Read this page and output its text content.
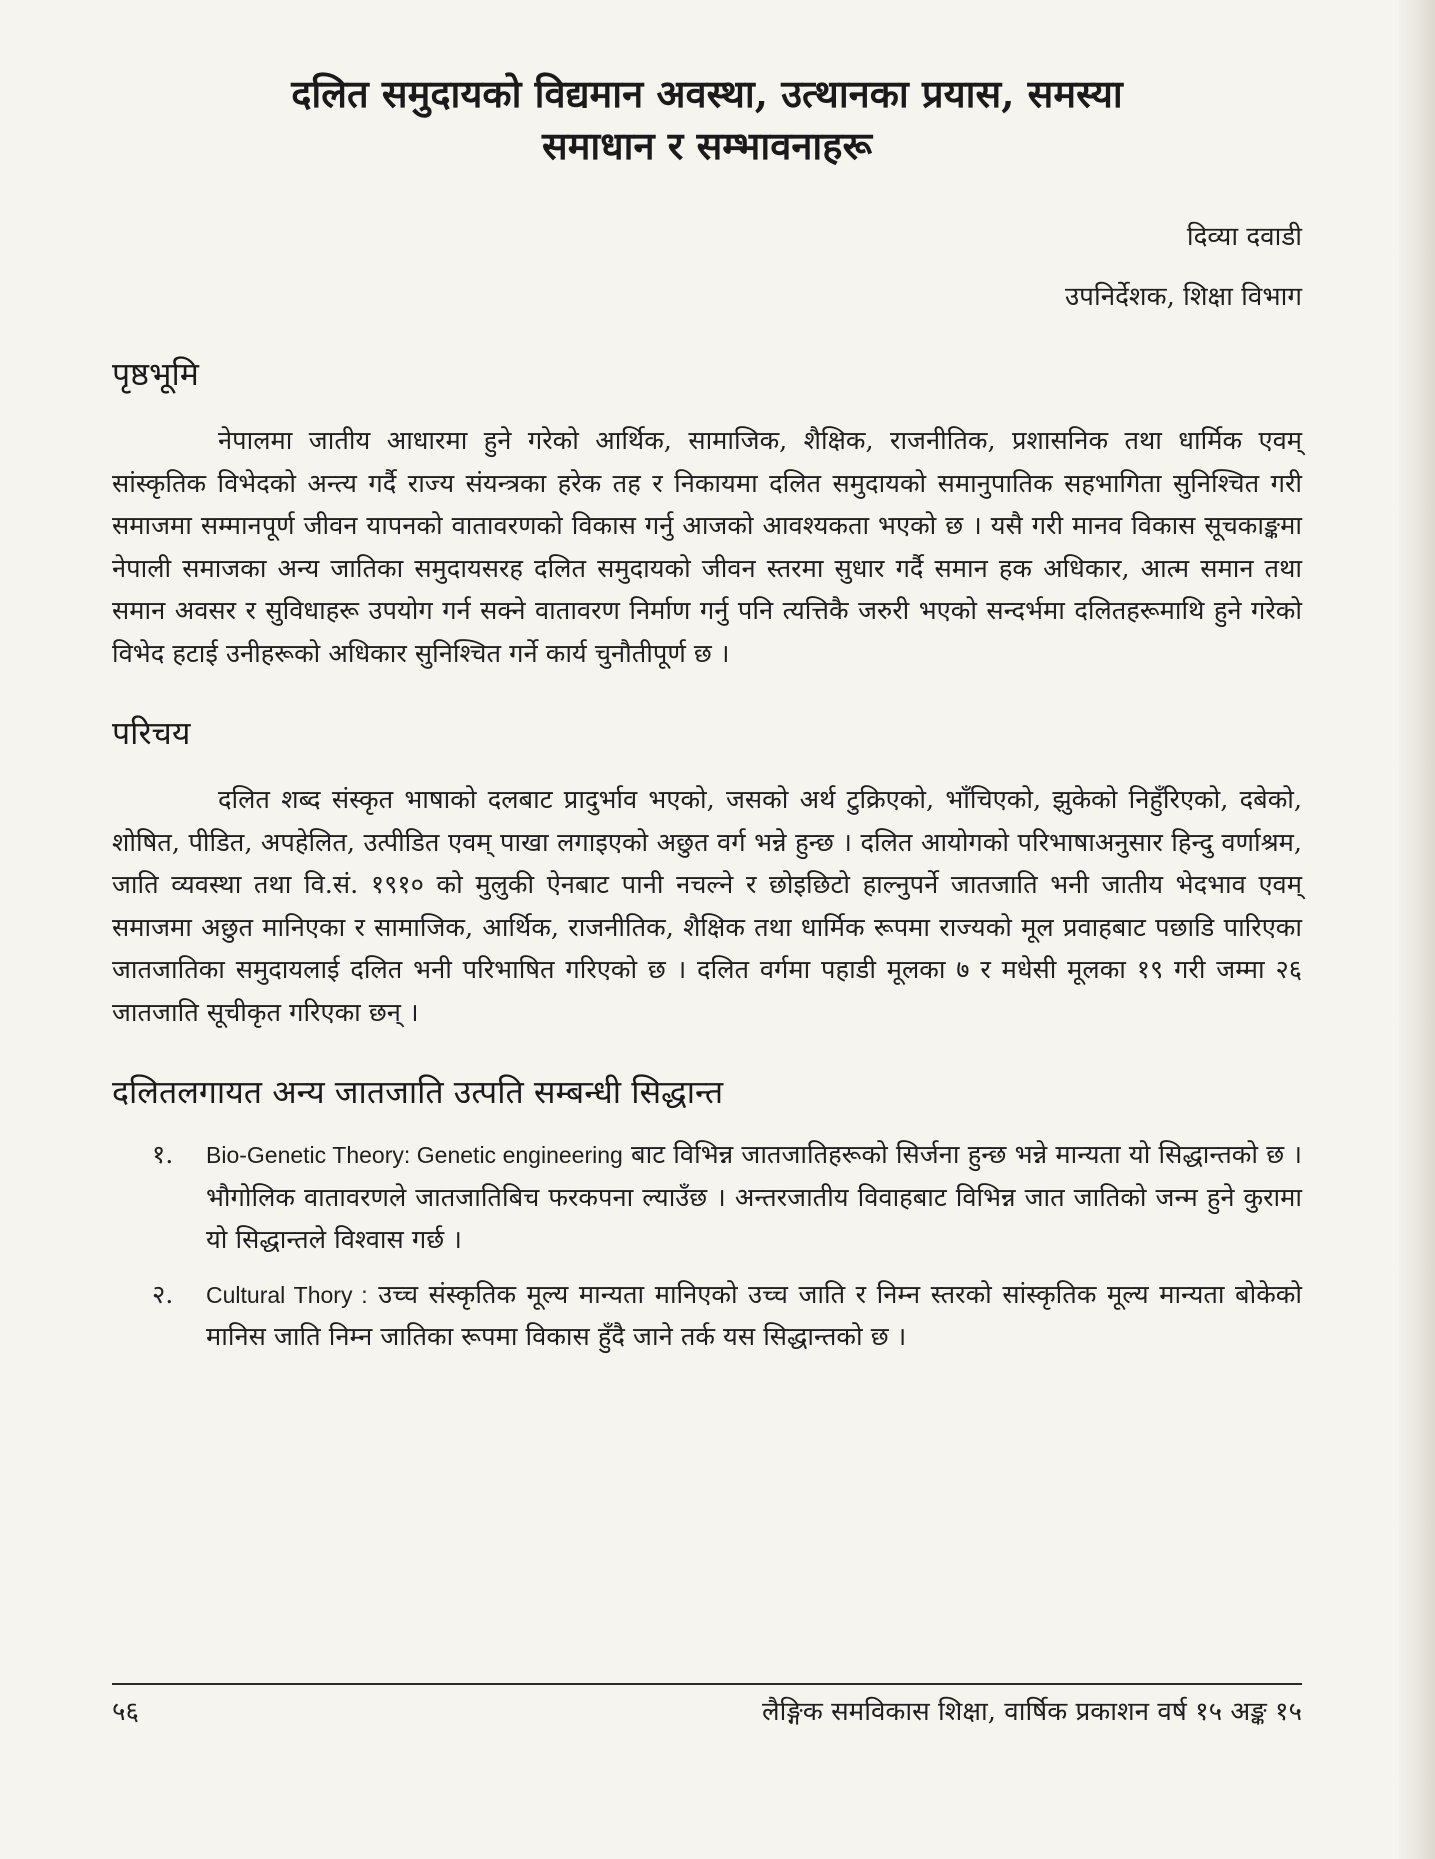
दलित समुदायको विद्यमान अवस्था, उत्थानका प्रयास, समस्या
समाधान र सम्भावनाहरू
दिव्या दवाडी
उपनिर्देशक, शिक्षा विभाग
पृष्ठभूमि

नेपालमा जातीय आधारमा हुने गरेको आर्थिक, सामाजिक, शैक्षिक, राजनीतिक, प्रशासनिक तथा धार्मिक एवम् सांस्कृतिक विभेदको अन्त्य गर्दै राज्य संयन्त्रका हरेक तह र निकायमा दलित समुदायको समानुपातिक सहभागिता सुनिश्चित गरी समाजमा सम्मानपूर्ण जीवन यापनको वातावरणको विकास गर्नु आजको आवश्यकता भएको छ । यसै गरी मानव विकास सूचकाङ्कमा नेपाली समाजका अन्य जातिका समुदायसरह दलित समुदायको जीवन स्तरमा सुधार गर्दै समान हक अधिकार, आत्म समान तथा समान अवसर र सुविधाहरू उपयोग गर्न सक्ने वातावरण निर्माण गर्नु पनि त्यत्तिकै जरुरी भएको सन्दर्भमा दलितहरूमाथि हुने गरेको विभेद हटाई उनीहरूको अधिकार सुनिश्चित गर्ने कार्य चुनौतीपूर्ण छ ।

परिचय

दलित शब्द संस्कृत भाषाको दलबाट प्रादुर्भाव भएको, जसको अर्थ टुक्रिएको, भाँचिएको, झुकेको निहुँरिएको, दबेको, शोषित, पीडित, अपहेलित, उत्पीडित एवम् पाखा लगाइएको अछुत वर्ग भन्ने हुन्छ । दलित आयोगको परिभाषाअनुसार हिन्दु वर्णाश्रम, जाति व्यवस्था तथा वि.सं. १९१० को मुलुकी ऐनबाट पानी नचल्ने र छोइछिटो हाल्नुपर्ने जातजाति भनी जातीय भेदभाव एवम् समाजमा अछुत मानिएका र सामाजिक, आर्थिक, राजनीतिक, शैक्षिक तथा धार्मिक रूपमा राज्यको मूल प्रवाहबाट पछाडि पारिएका जातजातिका समुदायलाई दलित भनी परिभाषित गरिएको छ । दलित वर्गमा पहाडी मूलका ७ र मधेसी मूलका १९ गरी जम्मा २६ जातजाति सूचीकृत गरिएका छन् ।

दलितलगायत अन्य जातजाति उत्पति सम्बन्धी सिद्धान्त
१. Bio-Genetic Theory: Genetic engineering बाट विभिन्न जातजातिहरूको सिर्जना हुन्छ भन्ने मान्यता यो सिद्धान्तको छ । भौगोलिक वातावरणले जातजातिबिच फरकपना ल्याउँछ । अन्तरजातीय विवाहबाट विभिन्न जात जातिको जन्म हुने कुरामा यो सिद्धान्तले विश्वास गर्छ ।
२. Cultural Thory : उच्च संस्कृतिक मूल्य मान्यता मानिएको उच्च जाति र निम्न स्तरको सांस्कृतिक मूल्य मान्यता बोकेको मानिस जाति निम्न जातिका रूपमा विकास हुँदै जाने तर्क यस सिद्धान्तको छ ।
५६	लैङ्गिक समविकास शिक्षा, वार्षिक प्रकाशन वर्ष १५ अङ्क १५
